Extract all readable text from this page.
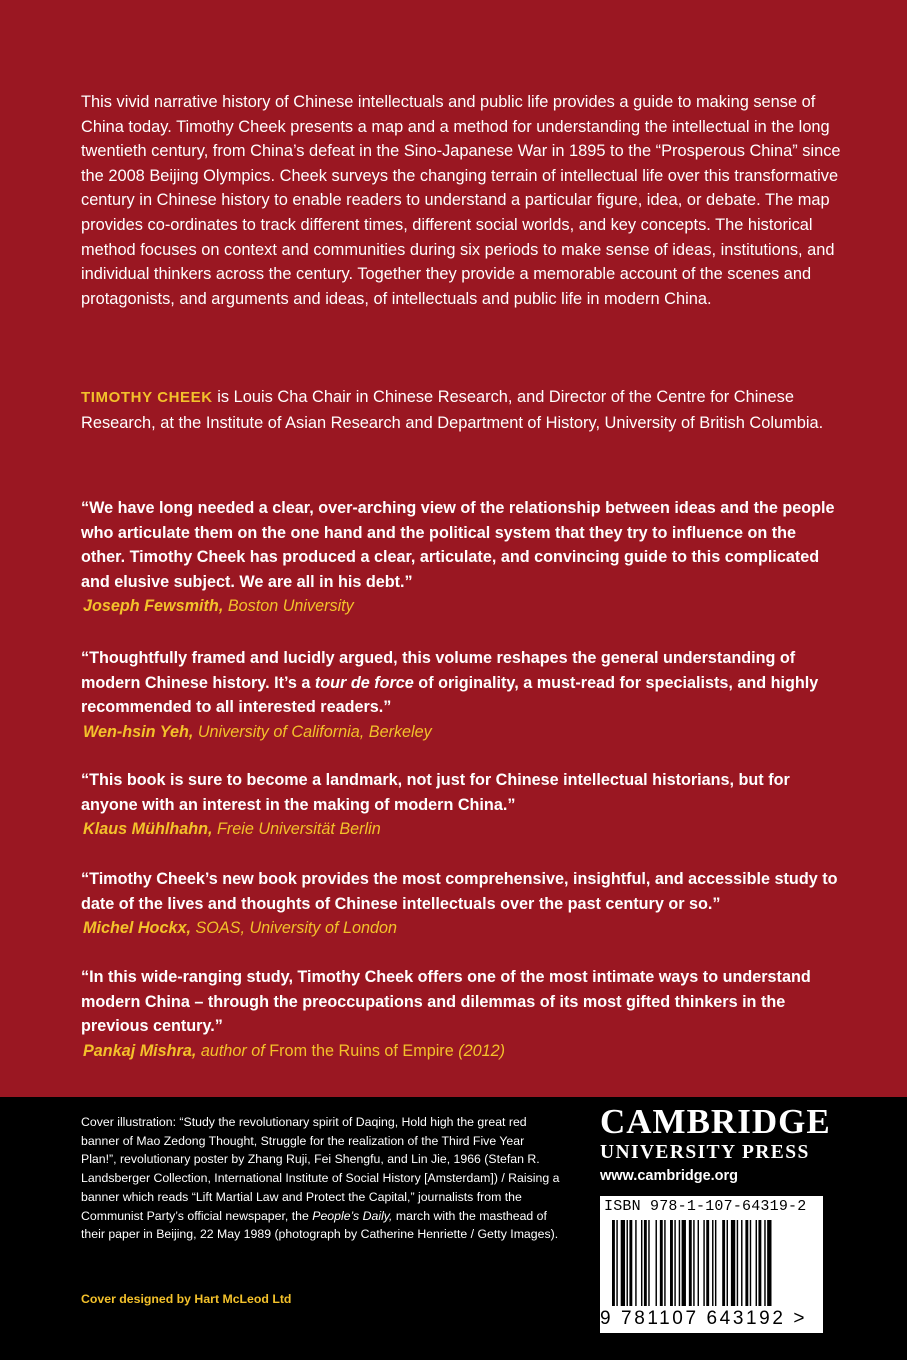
This vivid narrative history of Chinese intellectuals and public life provides a guide to making sense of China today. Timothy Cheek presents a map and a method for understanding the intellectual in the long twentieth century, from China’s defeat in the Sino-Japanese War in 1895 to the “Prosperous China” since the 2008 Beijing Olympics. Cheek surveys the changing terrain of intellectual life over this transformative century in Chinese history to enable readers to understand a particular figure, idea, or debate. The map provides co-ordinates to track different times, different social worlds, and key concepts. The historical method focuses on context and communities during six periods to make sense of ideas, institutions, and individual thinkers across the century. Together they provide a memorable account of the scenes and protagonists, and arguments and ideas, of intellectuals and public life in modern China.

TIMOTHY CHEEK is Louis Cha Chair in Chinese Research, and Director of the Centre for Chinese Research, at the Institute of Asian Research and Department of History, University of British Columbia.

“We have long needed a clear, over-arching view of the relationship between ideas and the people who articulate them on the one hand and the political system that they try to influence on the other. Timothy Cheek has produced a clear, articulate, and convincing guide to this complicated and elusive subject. We are all in his debt.”

Joseph Fewsmith, Boston University

“Thoughtfully framed and lucidly argued, this volume reshapes the general understanding of modern Chinese history. It’s a tour de force of originality, a must-read for specialists, and highly recommended to all interested readers.”

Wen-hsin Yeh, University of California, Berkeley

“This book is sure to become a landmark, not just for Chinese intellectual historians, but for anyone with an interest in the making of modern China.”

Klaus Mühlhahn, Freie Universität Berlin

“Timothy Cheek’s new book provides the most comprehensive, insightful, and accessible study to date of the lives and thoughts of Chinese intellectuals over the past century or so.”

Michel Hockx, SOAS, University of London

“In this wide-ranging study, Timothy Cheek offers one of the most intimate ways to understand modern China – through the preoccupations and dilemmas of its most gifted thinkers in the previous century.”

Pankaj Mishra, author of From the Ruins of Empire (2012)

Cover illustration: “Study the revolutionary spirit of Daqing, Hold high the great red banner of Mao Zedong Thought, Struggle for the realization of the Third Five Year Plan!”, revolutionary poster by Zhang Ruji, Fei Shengfu, and Lin Jie, 1966 (Stefan R. Landsberger Collection, International Institute of Social History [Amsterdam]) / Raising a banner which reads “Lift Martial Law and Protect the Capital,” journalists from the Communist Party’s official newspaper, the People’s Daily, march with the masthead of their paper in Beijing, 22 May 1989 (photograph by Catherine Henriette / Getty Images).

Cover designed by Hart McLeod Ltd

CAMBRIDGE

UNIVERSITY PRESS

www.cambridge.org

ISBN 978-1-107-64319-2

9 781107 643192 >
